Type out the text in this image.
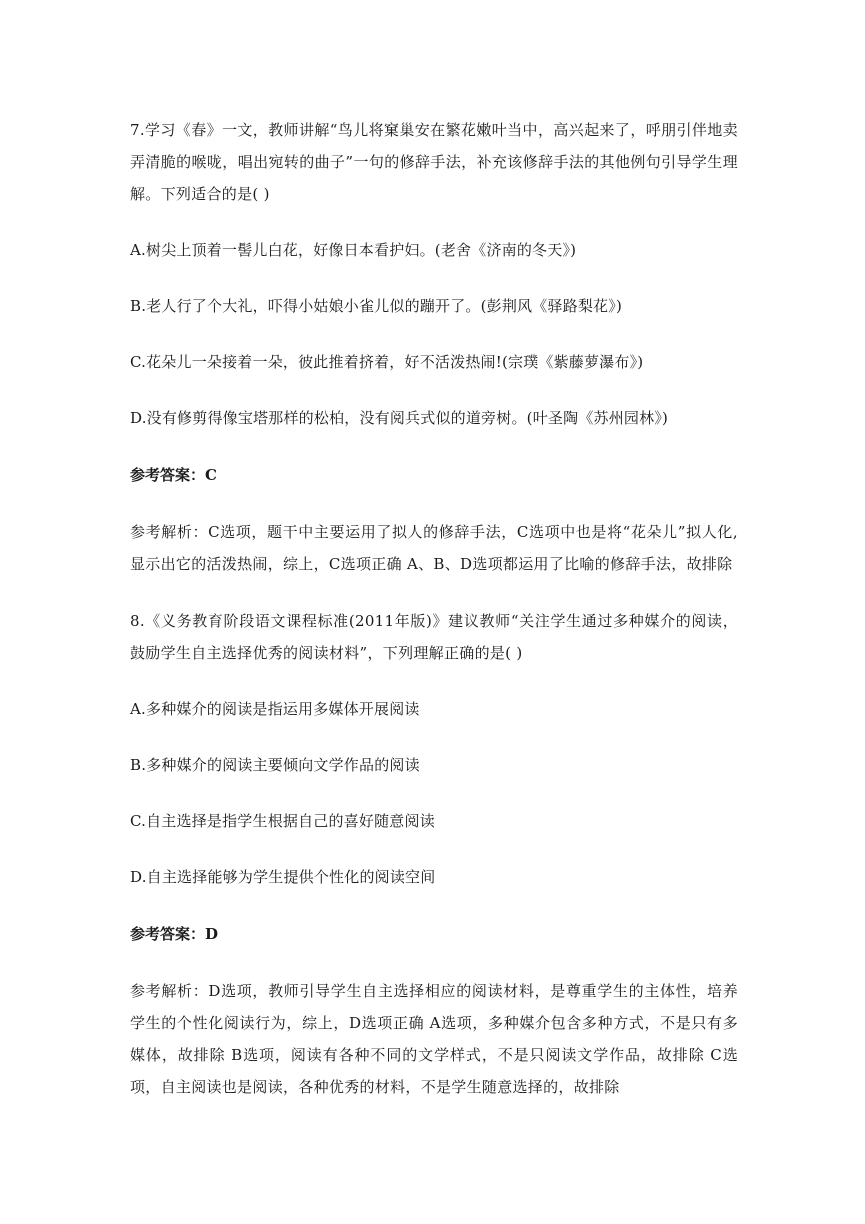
7.学习《春》一文，教师讲解“鸟儿将窠巢安在繁花嫩叶当中，高兴起来了，呼朋引伴地卖弄清脆的喉咙，唱出宛转的曲子”一句的修辞手法，补充该修辞手法的其他例句引导学生理解。下列适合的是( )

A.树尖上顶着一髻儿白花，好像日本看护妇。(老舍《济南的冬天》)

B.老人行了个大礼，吓得小姑娘小雀儿似的蹦开了。(彭荆风《驿路梨花》)

C.花朵儿一朵接着一朵，彼此推着挤着，好不活泼热闹!(宗璞《紫藤萝瀑布》)

D.没有修剪得像宝塔那样的松柏，没有阅兵式似的道旁树。(叶圣陶《苏州园林》)

参考答案：C

参考解析：C选项，题干中主要运用了拟人的修辞手法，C选项中也是将“花朵儿”拟人化,显示出它的活泼热闹，综上，C选项正确 A、B、D选项都运用了比喻的修辞手法，故排除

8.《义务教育阶段语文课程标准(2011年版)》建议教师“关注学生通过多种媒介的阅读，鼓励学生自主选择优秀的阅读材料”，下列理解正确的是( )

A.多种媒介的阅读是指运用多媒体开展阅读

B.多种媒介的阅读主要倾向文学作品的阅读

C.自主选择是指学生根据自己的喜好随意阅读

D.自主选择能够为学生提供个性化的阅读空间

参考答案：D

参考解析：D选项，教师引导学生自主选择相应的阅读材料，是尊重学生的主体性，培养学生的个性化阅读行为，综上，D选项正确 A选项，多种媒介包含多种方式，不是只有多媒体，故排除 B选项，阅读有各种不同的文学样式，不是只阅读文学作品，故排除 C选项，自主阅读也是阅读，各种优秀的材料，不是学生随意选择的，故排除
